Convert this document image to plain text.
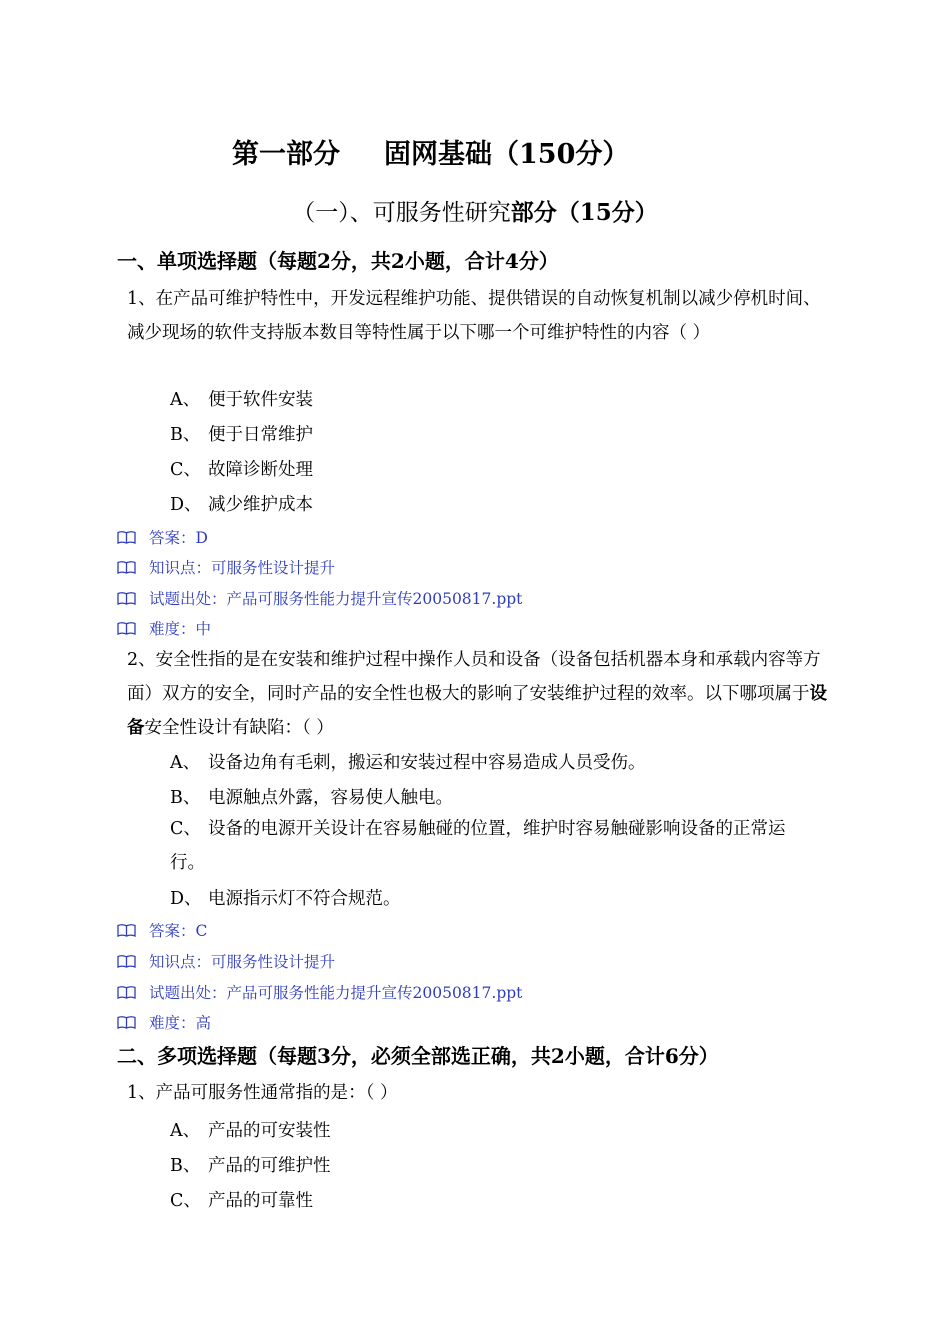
第一部分 固网基础（150分）
（一）、可服务性研究部分（15分）
一、单项选择题（每题2分，共2小题，合计4分）
1、在产品可维护特性中，开发远程维护功能、提供错误的自动恢复机制以减少停机时间、减少现场的软件支持版本数目等特性属于以下哪一个可维护特性的内容（ ）
A、 便于软件安装
B、 便于日常维护
C、 故障诊断处理
D、 减少维护成本
答案：D
知识点：可服务性设计提升
试题出处：产品可服务性能力提升宣传20050817.ppt
难度：中
2、安全性指的是在安装和维护过程中操作人员和设备（设备包括机器本身和承载内容等方面）双方的安全，同时产品的安全性也极大的影响了安装维护过程的效率。以下哪项属于设备安全性设计有缺陷：（ ）
A、 设备边角有毛刺，搬运和安装过程中容易造成人员受伤。
B、 电源触点外露，容易使人触电。
C、 设备的电源开关设计在容易触碰的位置，维护时容易触碰影响设备的正常运行。
D、 电源指示灯不符合规范。
答案：C
知识点：可服务性设计提升
试题出处：产品可服务性能力提升宣传20050817.ppt
难度：高
二、多项选择题（每题3分，必须全部选正确，共2小题，合计6分）
1、产品可服务性通常指的是：（ ）
A、 产品的可安装性
B、 产品的可维护性
C、 产品的可靠性
